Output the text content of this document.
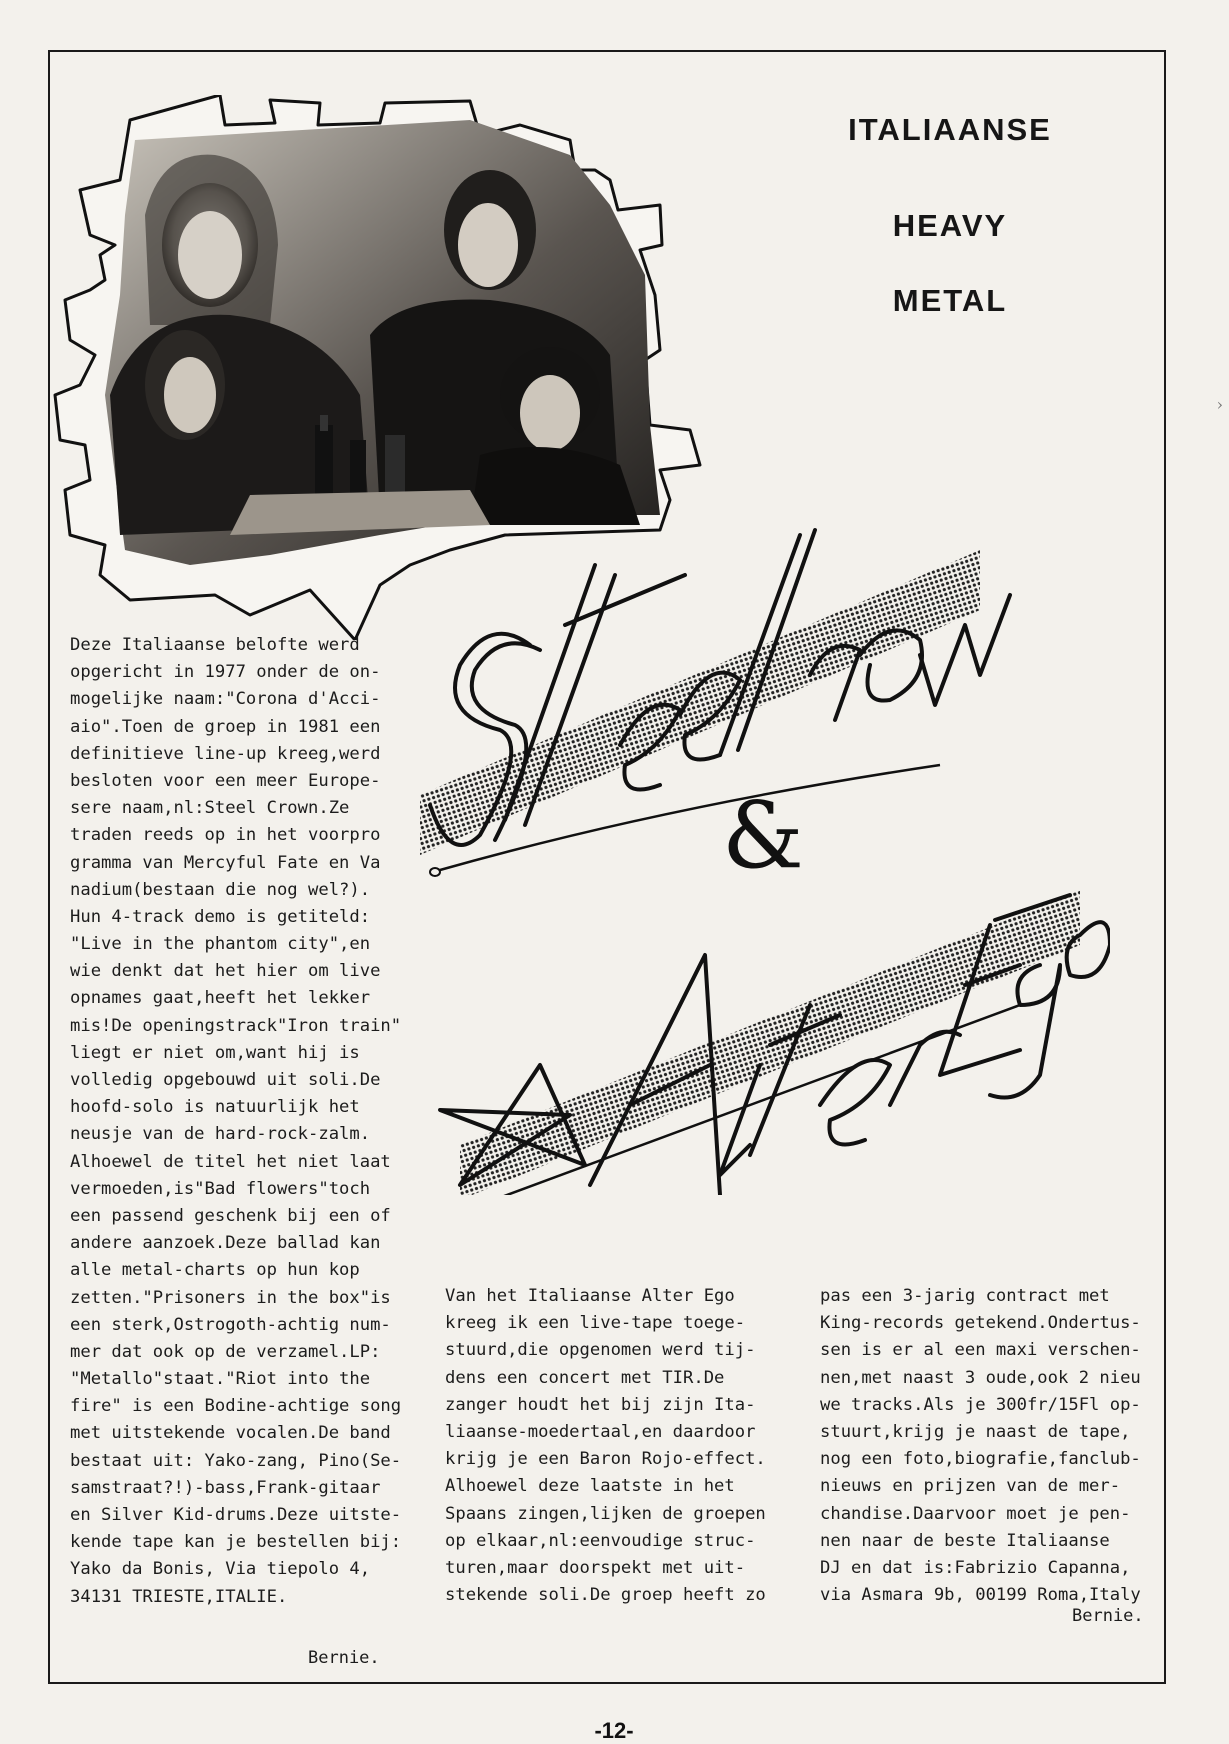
ITALIAANSE
HEAVY
METAL
&
Deze Italiaanse belofte werd
opgericht in 1977 onder de on-
mogelijke naam:"Corona d'Acci-
aio".Toen de groep in 1981 een
definitieve line-up kreeg,werd
besloten voor een meer Europe-
sere naam,nl:Steel Crown.Ze
traden reeds op in het voorpro
gramma van Mercyful Fate en Va
nadium(bestaan die nog wel?).
Hun 4-track demo is getiteld:
"Live in the phantom city",en
wie denkt dat het hier om live
opnames gaat,heeft het lekker
mis!De openingstrack"Iron train"
liegt er niet om,want hij is
volledig opgebouwd uit soli.De
hoofd-solo is natuurlijk het
neusje van de hard-rock-zalm.
Alhoewel de titel het niet laat
vermoeden,is"Bad flowers"toch
een passend geschenk bij een of
andere aanzoek.Deze ballad kan
alle metal-charts op hun kop
zetten."Prisoners in the box"is
een sterk,Ostrogoth-achtig num-
mer dat ook op de verzamel.LP:
"Metallo"staat."Riot into the
fire" is een Bodine-achtige song
met uitstekende vocalen.De band
bestaat uit: Yako-zang, Pino(Se-
samstraat?!)-bass,Frank-gitaar
en Silver Kid-drums.Deze uitste-
kende tape kan je bestellen bij:
Yako da Bonis, Via tiepolo 4,
34131 TRIESTE,ITALIE.
Bernie.
Van het Italiaanse Alter Ego
kreeg ik een live-tape toege-
stuurd,die opgenomen werd tij-
dens een concert met TIR.De
zanger houdt het bij zijn Ita-
liaanse-moedertaal,en daardoor
krijg je een Baron Rojo-effect.
Alhoewel deze laatste in het
Spaans zingen,lijken de groepen
op elkaar,nl:eenvoudige struc-
turen,maar doorspekt met uit-
stekende soli.De groep heeft zo
pas een 3-jarig contract met
King-records getekend.Ondertus-
sen is er al een maxi verschen-
nen,met naast 3 oude,ook 2 nieu
we tracks.Als je 300fr/15Fl op-
stuurt,krijg je naast de tape,
nog een foto,biografie,fanclub-
nieuws en prijzen van de mer-
chandise.Daarvoor moet je pen-
nen naar de beste Italiaanse
DJ en dat is:Fabrizio Capanna,
via Asmara 9b, 00199 Roma,Italy
Bernie.
-12-
›
